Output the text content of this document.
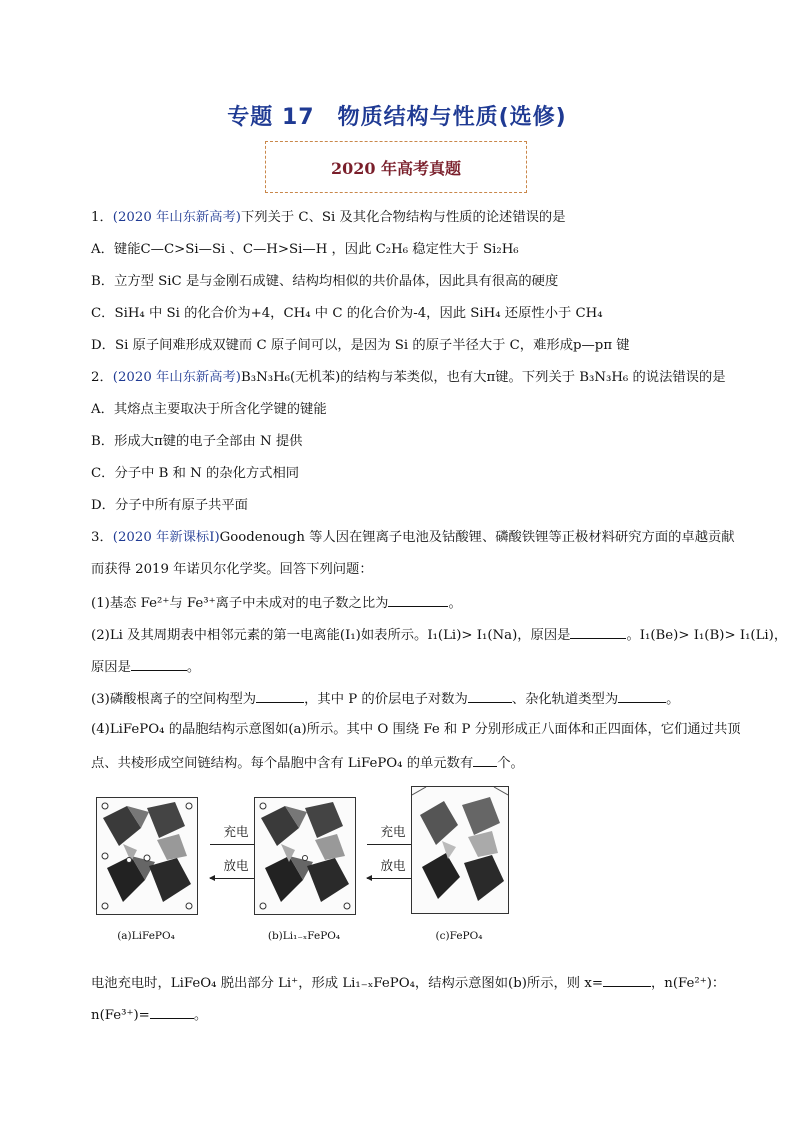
专题 17　物质结构与性质(选修)
2020 年高考真题
1．(2020 年山东新高考)下列关于 C、Si 及其化合物结构与性质的论述错误的是
A．键能C—C>Si—Si 、C—H>Si—H ，因此 C₂H₆ 稳定性大于 Si₂H₆
B．立方型 SiC 是与金刚石成键、结构均相似的共价晶体，因此具有很高的硬度
C．SiH₄ 中 Si 的化合价为+4，CH₄ 中 C 的化合价为-4，因此 SiH₄ 还原性小于 CH₄
D．Si 原子间难形成双键而 C 原子间可以，是因为 Si 的原子半径大于 C，难形成p—pπ 键
2．(2020 年山东新高考)B₃N₃H₆(无机苯)的结构与苯类似，也有大π键。下列关于 B₃N₃H₆ 的说法错误的是
A．其熔点主要取决于所含化学键的键能
B．形成大π键的电子全部由 N 提供
C．分子中 B 和 N 的杂化方式相同
D．分子中所有原子共平面
3．(2020 年新课标Ⅰ)Goodenough 等人因在锂离子电池及钴酸锂、磷酸铁锂等正极材料研究方面的卓越贡献
而获得 2019 年诺贝尔化学奖。回答下列问题：
(1)基态 Fe²⁺与 Fe³⁺离子中未成对的电子数之比为	。
(2)Li 及其周期表中相邻元素的第一电离能(I₁)如表所示。I₁(Li)> I₁(Na)，原因是	。I₁(Be)> I₁(B)> I₁(Li)，
原因是	。
(3)磷酸根离子的空间构型为	，其中 P 的价层电子对数为	、杂化轨道类型为	。
(4)LiFePO₄ 的晶胞结构示意图如(a)所示。其中 O 围绕 Fe 和 P 分别形成正八面体和正四面体，它们通过共顶
点、共棱形成空间链结构。每个晶胞中含有 LiFePO₄ 的单元数有 个。
(a)LiFePO₄
充电
放电
(b)Li₁₋ₓFePO₄
充电
放电
(c)FePO₄
电池充电时，LiFeO₄ 脱出部分 Li⁺，形成 Li₁₋ₓFePO₄，结构示意图如(b)所示，则 x=	，n(Fe²⁺)：
n(Fe³⁺)=	。
